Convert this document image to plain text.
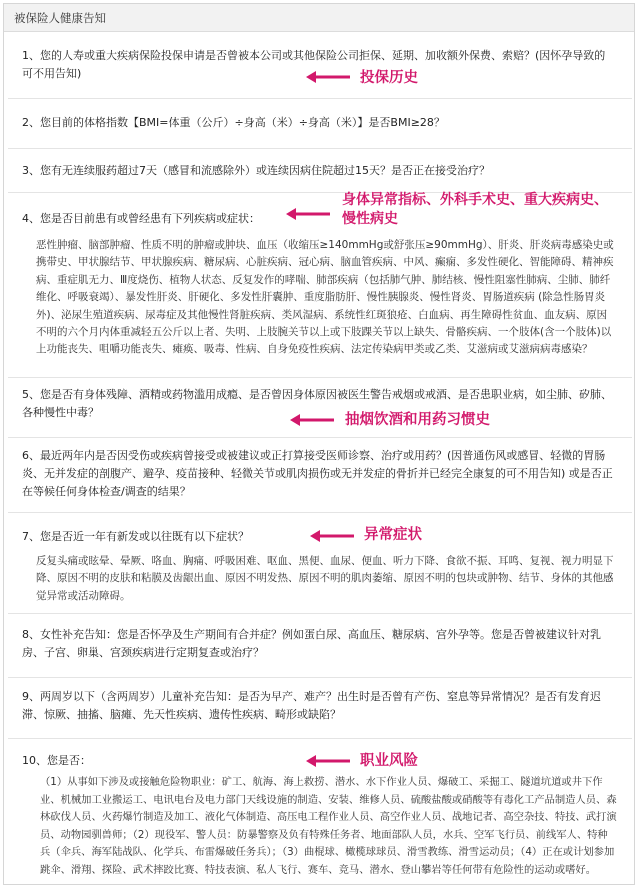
被保险人健康告知
1、您的人寿或重大疾病保险投保申请是否曾被本公司或其他保险公司拒保、延期、加收额外保费、索赔？(因怀孕导致的可不用告知)	投保历史
2、您目前的体格指数【BMI=体重（公斤）÷身高（米）÷身高（米）】是否BMI≥28？
3、您有无连续服药超过7天（感冒和流感除外）或连续因病住院超过15天？是否正在接受治疗？
4、您是否目前患有或曾经患有下列疾病或症状：
身体异常指标、外科手术史、重大疾病史、慢性病史
恶性肿瘤、脑部肿瘤、性质不明的肿瘤或肿块、血压（收缩压≥140mmHg或舒张压≥90mmHg）、肝炎、肝炎病毒感染史或携带史、甲状腺结节、甲状腺疾病、糖尿病、心脏疾病、冠心病、脑血管疾病、中风、癫痫、多发性硬化、智能障碍、精神疾病、重症肌无力、Ⅲ度烧伤、植物人状态、反复发作的哮喘、肺部疾病（包括肺气肿、肺结核、慢性阻塞性肺病、尘肺、肺纤维化、呼吸衰竭）、暴发性肝炎、肝硬化、多发性肝囊肿、重度脂肪肝、慢性胰腺炎、慢性肾炎、胃肠道疾病 (除急性肠胃炎外)、泌尿生殖道疾病、尿毒症及其他慢性肾脏疾病、类风湿病、系统性红斑狼疮、白血病、再生障碍性贫血、血友病、原因不明的六个月内体重减轻五公斤以上者、失明、上肢腕关节以上或下肢踝关节以上缺失、骨骼疾病、一个肢体(含一个肢体)以上功能丧失、咀嚼功能丧失、瘫痪、吸毒、性病、自身免疫性疾病、法定传染病甲类或乙类、艾滋病或艾滋病病毒感染？
5、您是否有身体残障、酒精或药物滥用成瘾、是否曾因身体原因被医生警告戒烟或戒酒、是否患职业病，如尘肺、矽肺、各种慢性中毒？	抽烟饮酒和用药习惯史
6、最近两年内是否因受伤或疾病曾接受或被建议或正打算接受医师诊察、治疗或用药？(因普通伤风或感冒、轻微的胃肠炎、无并发症的剖腹产、避孕、疫苗接种、轻微关节或肌肉损伤或无并发症的骨折并已经完全康复的可不用告知) 或是否正在等候任何身体检查/调查的结果？
7、您是否近一年有新发或以往既有以下症状？	异常症状
反复头痛或眩晕、晕厥、咯血、胸痛、呼吸困难、呕血、黑便、血尿、便血、听力下降、食欲不振、耳鸣、复视、视力明显下降、原因不明的皮肤和粘膜及齿龈出血、原因不明发热、原因不明的肌肉萎缩、原因不明的包块或肿物、结节、身体的其他感觉异常或活动障碍。
8、女性补充告知：您是否怀孕及生产期间有合并症？例如蛋白尿、高血压、糖尿病、宫外孕等。您是否曾被建议针对乳房、子宫、卵巢、宫颈疾病进行定期复查或治疗？
9、两周岁以下（含两周岁）儿童补充告知：是否为早产、难产？出生时是否曾有产伤、窒息等异常情况？是否有发育迟滞、惊厥、抽搐、脑瘫、先天性疾病、遗传性疾病、畸形或缺陷？
10、您是否：	职业风险
（1）从事如下涉及或接触危险物职业：矿工、航海、海上救捞、潜水、水下作业人员、爆破工、采掘工、隧道坑道或井下作业、机械加工业搬运工、电讯电台及电力部门天线设施的制造、安装、维修人员、硫酸盐酸或硝酸等有毒化工产品制造人员、森林砍伐人员、火药爆竹制造及加工、液化气体制造、高压电工程作业人员、高空作业人员、战地记者、高空杂技、特技、武打演员、动物园驯兽师；（2）现役军、警人员：防暴警察及负有特殊任务者、地面部队人员，水兵、空军飞行员、前线军人、特种兵（伞兵、海军陆战队、化学兵、布雷爆破任务兵）；（3）曲棍球、橄榄球球员、滑雪教练、滑雪运动员；（4）正在或计划参加跳伞、滑翔、探险、武术摔跤比赛、特技表演、私人飞行、赛车、竞马、潜水、登山攀岩等任何带有危险性的运动或嗜好。
